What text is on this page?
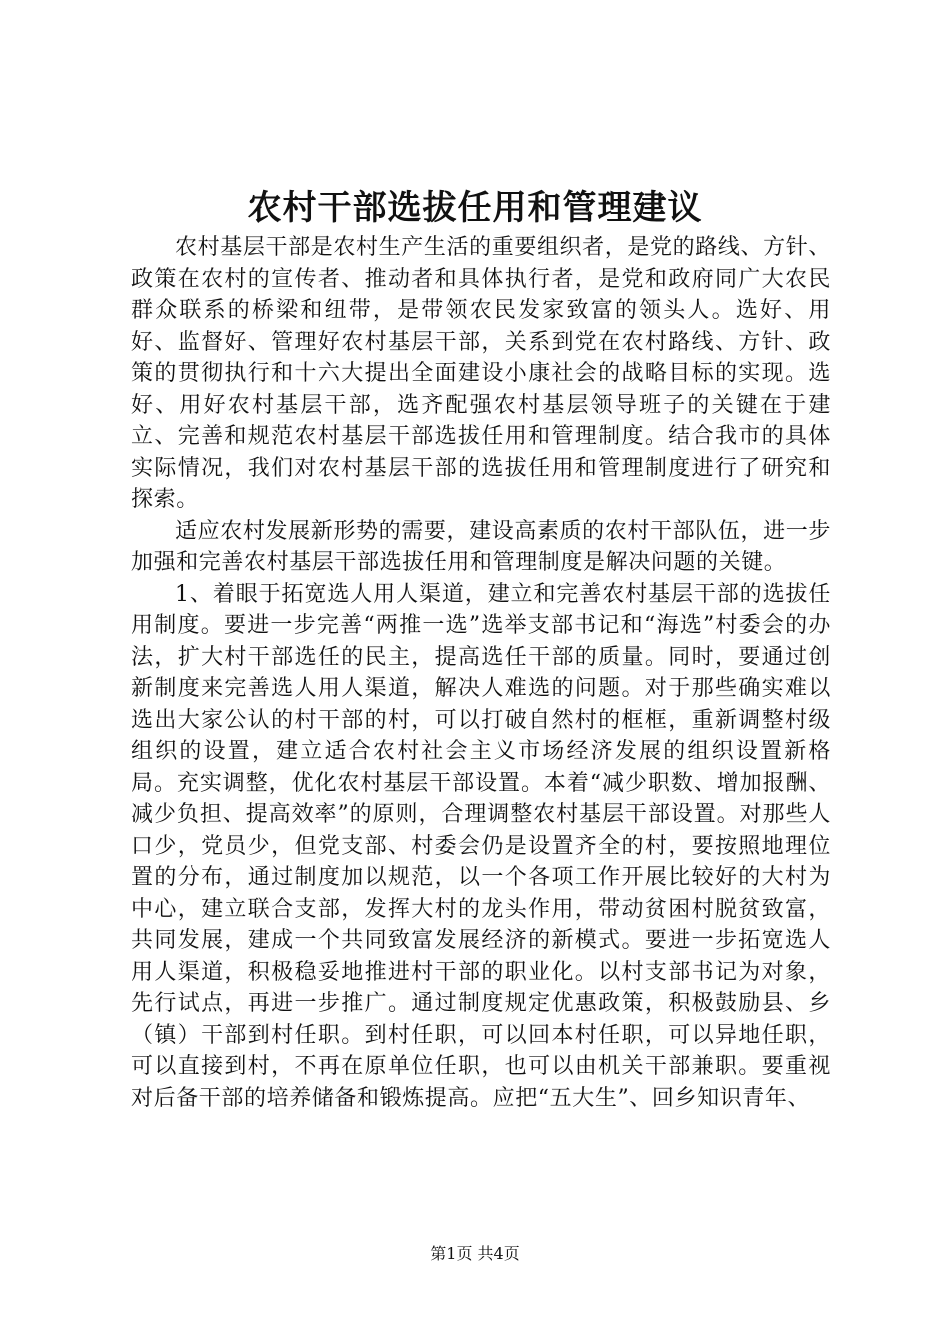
农村干部选拔任用和管理建议

农村基层干部是农村生产生活的重要组织者，是党的路线、方针、政策在农村的宣传者、推动者和具体执行者，是党和政府同广大农民群众联系的桥梁和纽带，是带领农民发家致富的领头人。选好、用好、监督好、管理好农村基层干部，关系到党在农村路线、方针、政策的贯彻执行和十六大提出全面建设小康社会的战略目标的实现。选好、用好农村基层干部，选齐配强农村基层领导班子的关键在于建立、完善和规范农村基层干部选拔任用和管理制度。结合我市的具体实际情况，我们对农村基层干部的选拔任用和管理制度进行了研究和探索。

适应农村发展新形势的需要，建设高素质的农村干部队伍，进一步加强和完善农村基层干部选拔任用和管理制度是解决问题的关键。

1、着眼于拓宽选人用人渠道，建立和完善农村基层干部的选拔任用制度。要进一步完善“两推一选”选举支部书记和“海选”村委会的办法，扩大村干部选任的民主，提高选任干部的质量。同时，要通过创新制度来完善选人用人渠道，解决人难选的问题。对于那些确实难以选出大家公认的村干部的村，可以打破自然村的框框，重新调整村级组织的设置，建立适合农村社会主义市场经济发展的组织设置新格局。充实调整，优化农村基层干部设置。本着“减少职数、增加报酬、减少负担、提高效率”的原则，合理调整农村基层干部设置。对那些人口少，党员少，但党支部、村委会仍是设置齐全的村，要按照地理位置的分布，通过制度加以规范，以一个各项工作开展比较好的大村为中心，建立联合支部，发挥大村的龙头作用，带动贫困村脱贫致富，共同发展，建成一个共同致富发展经济的新模式。要进一步拓宽选人用人渠道，积极稳妥地推进村干部的职业化。以村支部书记为对象，先行试点，再进一步推广。通过制度规定优惠政策，积极鼓励县、乡（镇）干部到村任职。到村任职，可以回本村任职，可以异地任职，可以直接到村，不再在原单位任职，也可以由机关干部兼职。要重视对后备干部的培养储备和锻炼提高。应把“五大生”、回乡知识青年、

第1页 共4页
